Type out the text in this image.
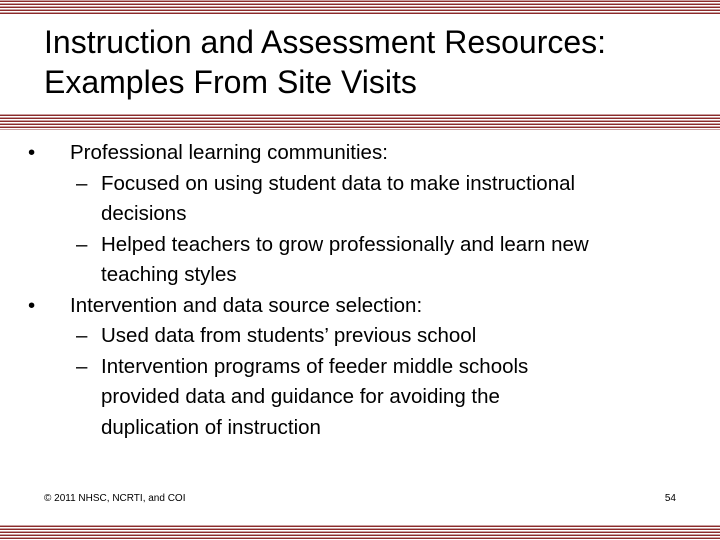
Instruction and Assessment Resources:
Examples From Site Visits
• Professional learning communities:
– Focused on using student data to make instructional
decisions
– Helped teachers to grow professionally and learn new
teaching styles
• Intervention and data source selection:
– Used data from students’ previous school
– Intervention programs of feeder middle schools
provided data and guidance for avoiding the
duplication of instruction
© 2011 NHSC, NCRTI, and COI	54
